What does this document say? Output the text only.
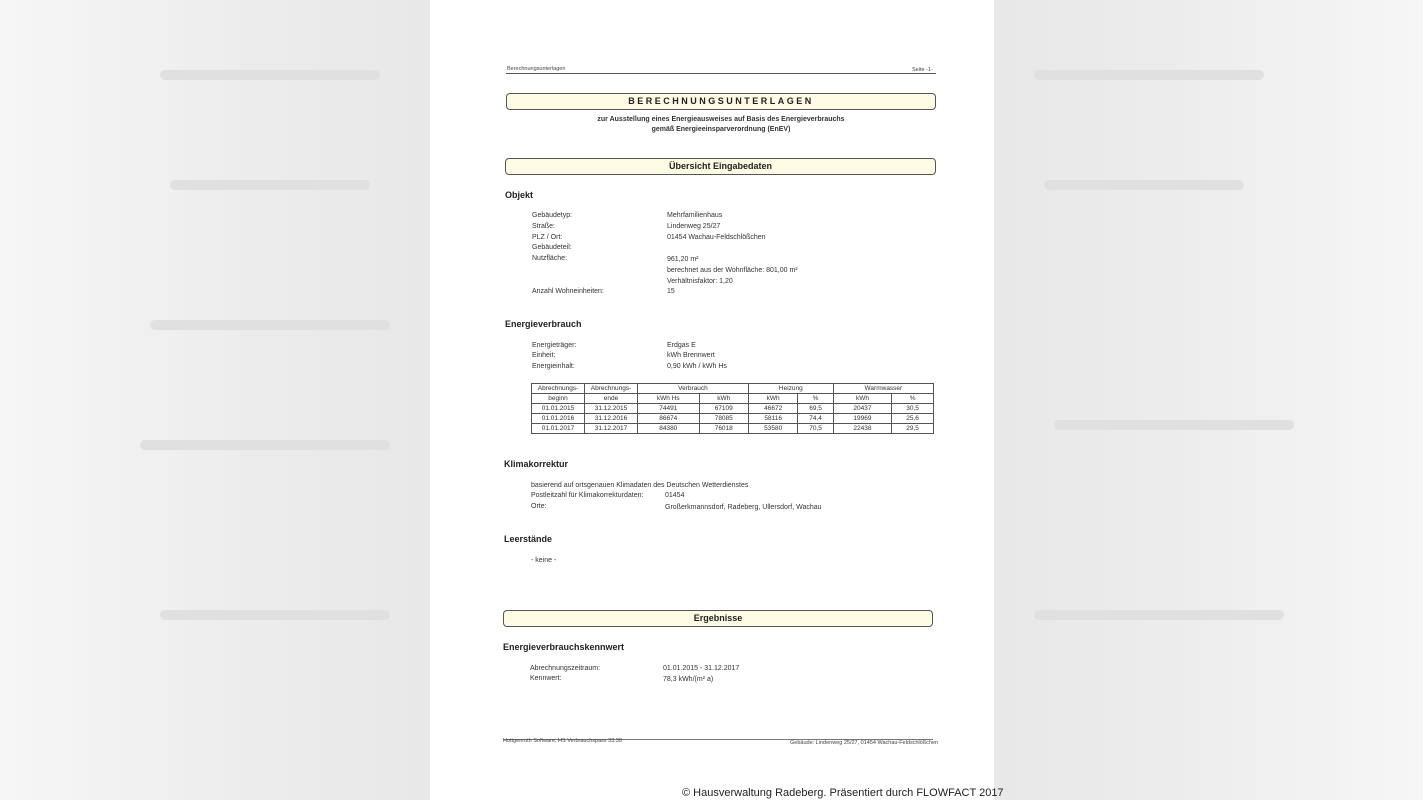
Berechnungsunterlagen	Seite -1-
BERECHNUNGSUNTERLAGEN
zur Ausstellung eines Energieausweises auf Basis des Energieverbrauchs
gemäß Energieeinsparverordnung (EnEV)
Übersicht Eingabedaten
Objekt
Gebäudetyp:	Mehrfamilienhaus
Straße:	Lindenweg 25/27
PLZ / Ort:	01454 Wachau-Feldschlößchen
Gebäudeteil:
Nutzfläche:	961,20 m²
berechnet aus der Wohnfläche: 801,00 m²
Verhältnisfaktor: 1,20
Anzahl Wohneinheiten:	15
Energieverbrauch
Energieträger:	Erdgas E
Einheit:	kWh Brennwert
Energieinhalt:	0,90 kWh / kWh Hs
Abrechnungs-	Abrechnungs-	Verbrauch		Heizung		Warmwasser	
beginn	ende	kWh Hs	kWh	kWh	%	kWh	%
01.01.2015	31.12.2015	74491	67109	46672	69,5	20437	30,5
01.01.2016	31.12.2016	86674	78085	58116	74,4	19969	25,6
01.01.2017	31.12.2017	84380	76018	53580	70,5	22438	29,5
Klimakorrektur
basierend auf ortsgenauen Klimadaten des Deutschen Wetterdienstes
Postleitzahl für Klimakorrekturdaten:	01454
Orte:	Großerkmannsdorf, Radeberg, Ullersdorf, Wachau
Leerstände
- keine -
Ergebnisse
Energieverbrauchskennwert
Abrechnungszeitraum:	01.01.2015 - 31.12.2017
Kennwert:	78,3 kWh/(m² a)
Hottgenroth Software, HS Verbrauchspass 33.38	Gebäude: Lindenweg 25/27, 01454 Wachau-Feldschlößchen
© Hausverwaltung Radeberg. Präsentiert durch FLOWFACT 2017
